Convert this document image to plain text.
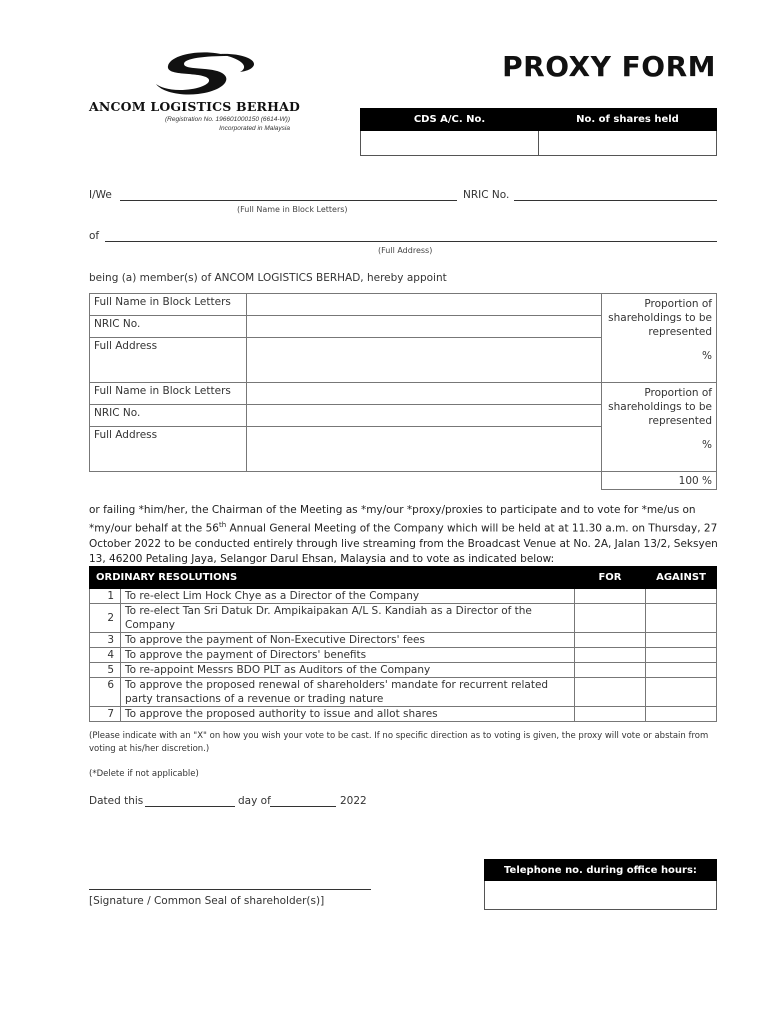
ANCOM LOGISTICS BERHAD
(Registration No. 196601000150 (6614-W))
Incorporated in Malaysia
PROXY FORM
CDS A/C. No.	No. of shares held

I/We	NRIC No.
(Full Name in Block Letters)
of
(Full Address)
being (a) member(s) of ANCOM LOGISTICS BERHAD, hereby appoint
Full Name in Block Letters		Proportion of shareholdings to be represented
%

NRIC No.		
Full Address		
Full Name in Block Letters		Proportion of shareholdings to be represented
%

NRIC No.		
Full Address		
		100 %
or failing *him/her, the Chairman of the Meeting as *my/our *proxy/proxies to participate and to vote for *me/us on *my/our behalf at the 56th Annual General Meeting of the Company which will be held at at 11.30 a.m. on Thursday, 27 October 2022 to be conducted entirely through live streaming from the Broadcast Venue at No. 2A, Jalan 13/2, Seksyen 13, 46200 Petaling Jaya, Selangor Darul Ehsan, Malaysia and to vote as indicated below:
ORDINARY RESOLUTIONS		FOR	AGAINST
1	To re-elect Lim Hock Chye as a Director of the Company		
2	To re-elect Tan Sri Datuk Dr. Ampikaipakan A/L S. Kandiah as a Director of the Company		
3	To approve the payment of Non-Executive Directors' fees		
4	To approve the payment of Directors' benefits		
5	To re-appoint Messrs BDO PLT as Auditors of the Company		
6	To approve the proposed renewal of shareholders' mandate for recurrent related party transactions of a revenue or trading nature		
7	To approve the proposed authority to issue and allot shares		
(Please indicate with an "X" on how you wish your vote to be cast. If no specific direction as to voting is given, the proxy will vote or abstain from voting at his/her discretion.)
(*Delete if not applicable)
Dated this	day of	2022
[Signature / Common Seal of shareholder(s)]
Telephone no. during office hours:
